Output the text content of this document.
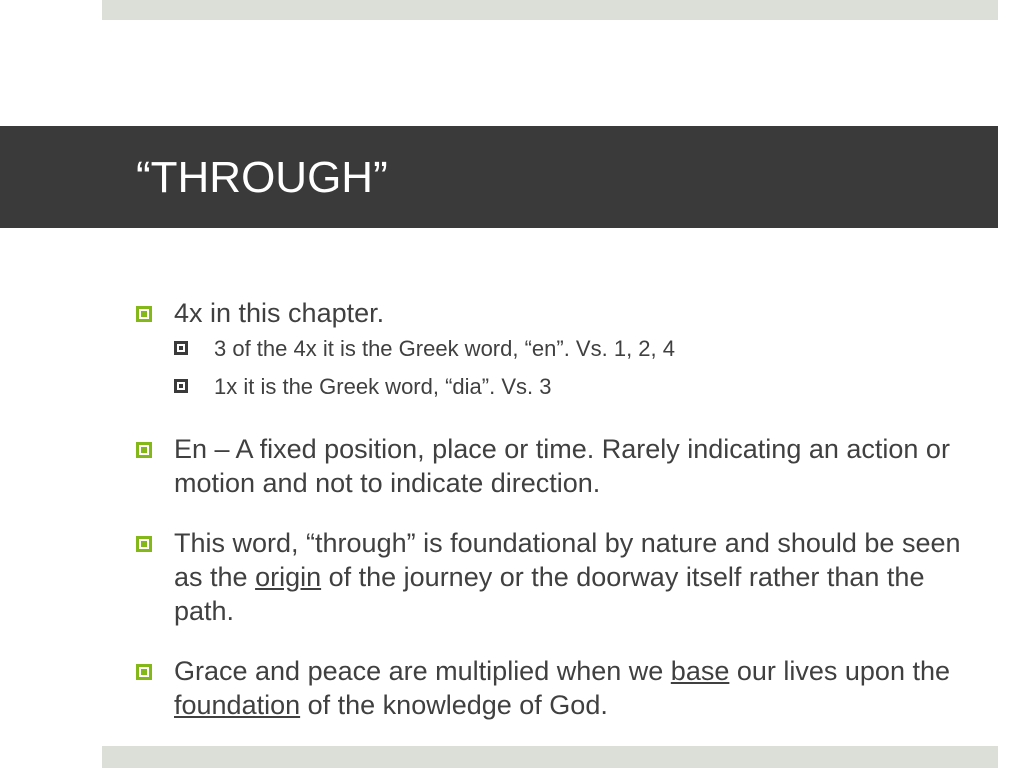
“THROUGH”
4x in this chapter.
3 of the 4x it is the Greek word, “en”. Vs. 1, 2, 4
1x it is the Greek word, “dia”. Vs. 3
En – A fixed position, place or time. Rarely indicating an action or motion and not to indicate direction.
This word, “through” is foundational by nature and should be seen as the origin of the journey or the doorway itself rather than the path.
Grace and peace are multiplied when we base our lives upon the foundation of the knowledge of God.
